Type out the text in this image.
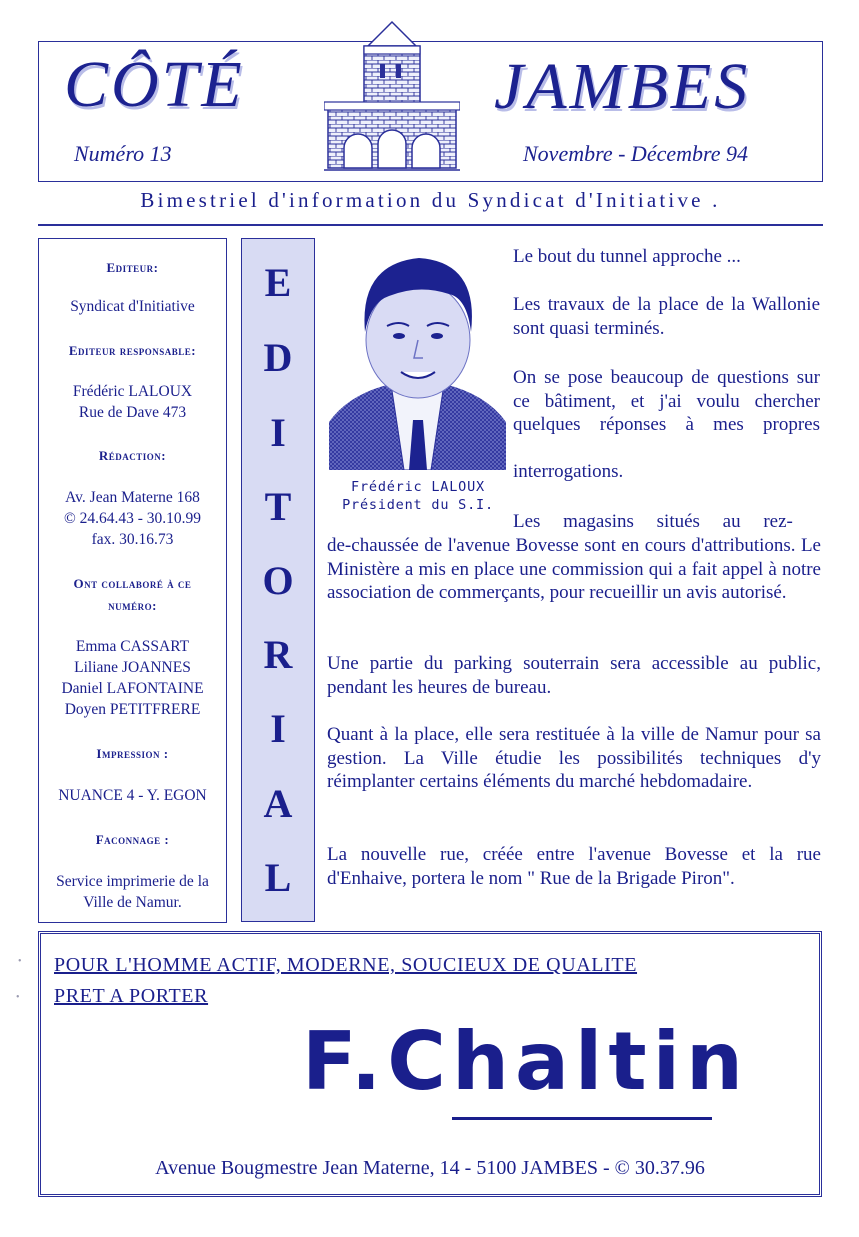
CÔTÉ	JAMBES
Numéro 13	Novembre - Décembre 94
Bimestriel d'information du Syndicat d'Initiative .
Editeur:
Syndicat d'Initiative
Editeur responsable:
Frédéric LALOUX
Rue de Dave 473
Rédaction:
Av. Jean Materne 168
© 24.64.43 - 30.10.99
fax. 30.16.73
Ont collaboré à ce
numéro:
Emma CASSART
Liliane JOANNES
Daniel LAFONTAINE
Doyen PETITFRERE
Impression :
NUANCE 4 - Y. EGON
Faconnage :
Service imprimerie de la
Ville de Namur.
E
D
I
T
O
R
I
A
L
Frédéric LALOUX
Président du S.I.
Le bout du tunnel approche ...
Les travaux de la place de la Wallonie sont quasi terminés.
On se pose beaucoup de questions sur ce bâtiment, et j'ai voulu chercher quelques réponses à mes propres
interrogations.
Les magasins situés au rez-
de-chaussée de l'avenue Bovesse sont en cours d'attributions. Le Ministère a mis en place une commission qui a fait appel à notre association de commerçants, pour recueillir un avis autorisé.
Une partie du parking souterrain sera accessible au public, pendant les heures de bureau.
Quant à la place, elle sera restituée à la ville de Namur pour sa gestion. La Ville étudie les possibilités techniques d'y réimplanter certains éléments du marché hebdomadaire.
La nouvelle rue, créée entre l'avenue Bovesse et la rue d'Enhaive, portera le nom " Rue de la Brigade Piron".
POUR L'HOMME ACTIF, MODERNE, SOUCIEUX DE QUALITE
PRET A PORTER
F.Chaltin
Avenue Bougmestre Jean Materne, 14 - 5100 JAMBES - © 30.37.96
•
•
